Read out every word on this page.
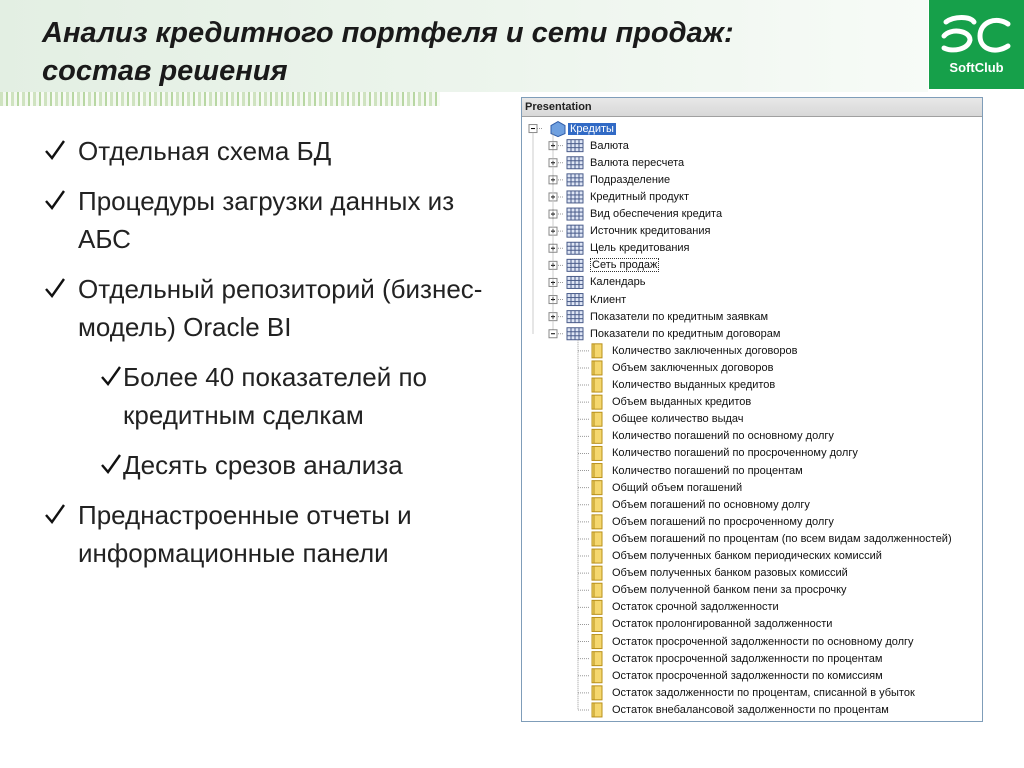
Анализ кредитного портфеля и сети продаж:
состав решения	SoftClub
Отдельная схема БД
Процедуры загрузки данных из АБС
Отдельный репозиторий (бизнес-модель) Oracle BI
Более 40 показателей по кредитным сделкам
Десять срезов анализа
Преднастроенные отчеты и информационные панели
Presentation
Кредиты
Валюта
Валюта пересчета
Подразделение
Кредитный продукт
Вид обеспечения кредита
Источник кредитования
Цель кредитования
Сеть продаж
Календарь
Клиент
Показатели по кредитным заявкам
Показатели по кредитным договорам
Количество заключенных договоров
Объем заключенных договоров
Количество выданных кредитов
Объем выданных кредитов
Общее количество выдач
Количество погашений по основному долгу
Количество погашений по просроченному долгу
Количество погашений по процентам
Общий объем погашений
Объем погашений по основному долгу
Объем погашений по просроченному долгу
Объем погашений по процентам (по всем видам задолженностей)
Объем полученных банком периодических комиссий
Объем полученных банком разовых комиссий
Объем полученной банком пени за просрочку
Остаток срочной задолженности
Остаток пролонгированной задолженности
Остаток просроченной задолженности по основному долгу
Остаток просроченной задолженности по процентам
Остаток просроченной задолженности по комиссиям
Остаток задолженности по процентам, списанной в убыток
Остаток внебалансовой задолженности по процентам
